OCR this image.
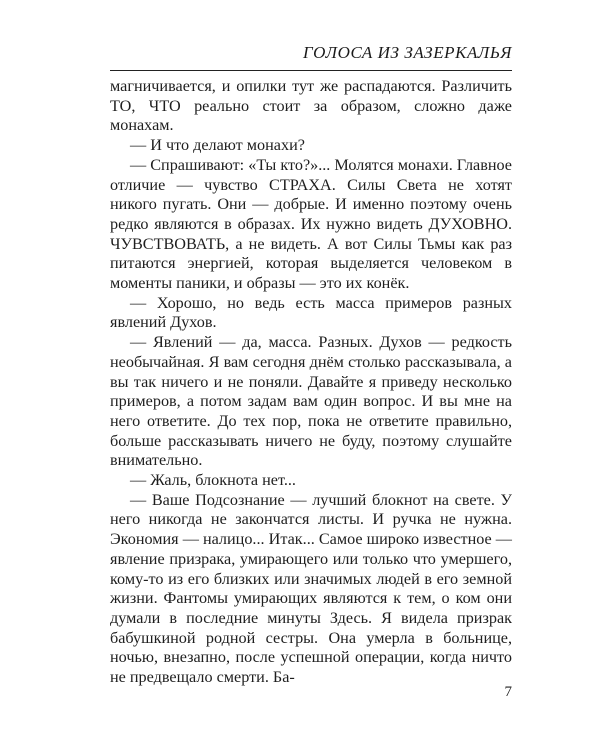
ГОЛОСА ИЗ ЗАЗЕРКАЛЬЯ

магничивается, и опилки тут же распадаются. Различить ТО, ЧТО реально стоит за образом, сложно даже монахам.

— И что делают монахи?

— Спрашивают: «Ты кто?»... Молятся монахи. Главное отличие — чувство СТРАХА. Силы Света не хотят никого пугать. Они — добрые. И именно поэтому очень редко являются в образах. Их нужно видеть ДУХОВНО. ЧУВСТВОВАТЬ, а не видеть. А вот Силы Тьмы как раз питаются энергией, которая выделяется человеком в моменты паники, и образы — это их конёк.

— Хорошо, но ведь есть масса примеров разных явлений Духов.

— Явлений — да, масса. Разных. Духов — редкость необычайная. Я вам сегодня днём столько рассказывала, а вы так ничего и не поняли. Давайте я приведу несколько примеров, а потом задам вам один вопрос. И вы мне на него ответите. До тех пор, пока не ответите правильно, больше рассказывать ничего не буду, поэтому слушайте внимательно.

— Жаль, блокнота нет...

— Ваше Подсознание — лучший блокнот на свете. У него никогда не закончатся листы. И ручка не нужна. Экономия — налицо... Итак... Самое широко известное — явление призрака, умирающего или только что умершего, кому-то из его близких или значимых людей в его земной жизни. Фантомы умирающих являются к тем, о ком они думали в последние минуты Здесь. Я видела призрак бабушкиной родной сестры. Она умерла в больнице, ночью, внезапно, после успешной операции, когда ничто не предвещало смерти. Ба-

7
